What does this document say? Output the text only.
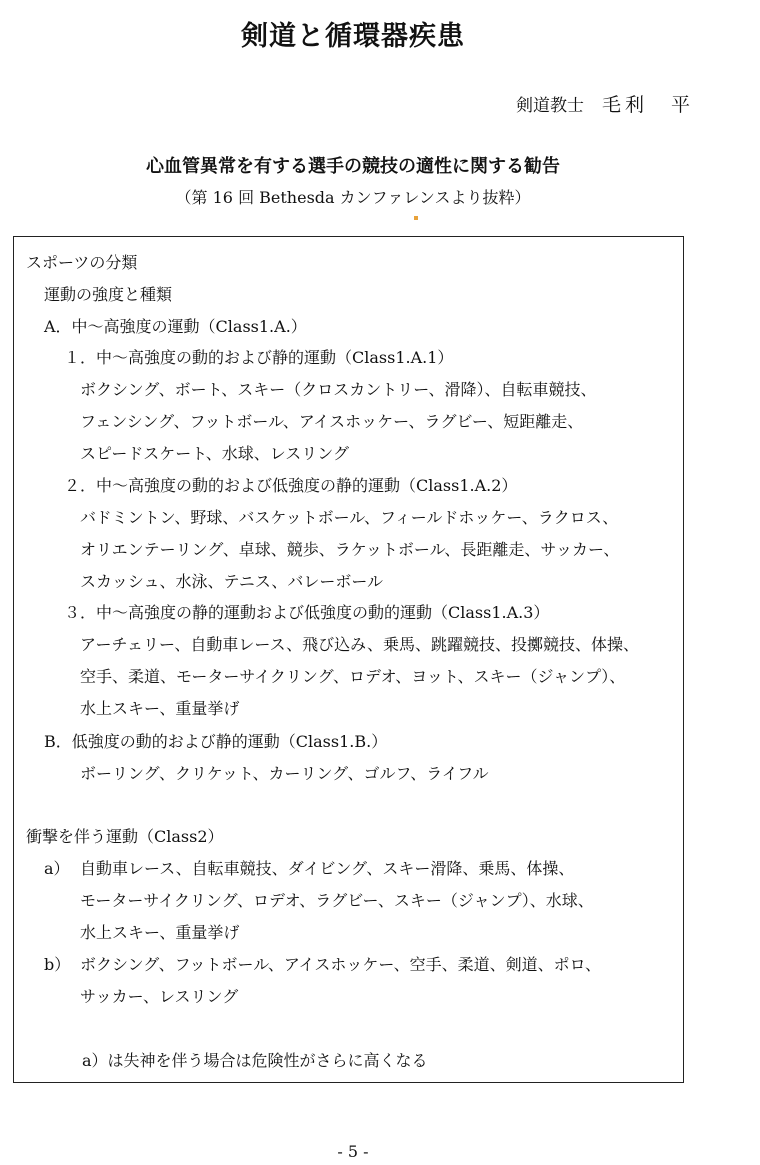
剣道と循環器疾患
剣道教士 毛利　平
心血管異常を有する選手の競技の適性に関する勧告
（第 16 回 Bethesda カンファレンスより抜粋）
スポーツの分類
運動の強度と種類
A．中～高強度の運動（Class1.A.）
１．中～高強度の動的および静的運動（Class1.A.1）
ボクシング、ボート、スキー（クロスカントリー、滑降）、自転車競技、
フェンシング、フットボール、アイスホッケー、ラグビー、短距離走、
スピードスケート、水球、レスリング
２．中～高強度の動的および低強度の静的運動（Class1.A.2）
バドミントン、野球、バスケットボール、フィールドホッケー、ラクロス、
オリエンテーリング、卓球、競歩、ラケットボール、長距離走、サッカー、
スカッシュ、水泳、テニス、バレーボール
３．中～高強度の静的運動および低強度の動的運動（Class1.A.3）
アーチェリー、自動車レース、飛び込み、乗馬、跳躍競技、投擲競技、体操、
空手、柔道、モーターサイクリング、ロデオ、ヨット、スキー（ジャンプ）、
水上スキー、重量挙げ
B．低強度の動的および静的運動（Class1.B.）
ボーリング、クリケット、カーリング、ゴルフ、ライフル
衝撃を伴う運動（Class2）
a） 自動車レース、自転車競技、ダイビング、スキー滑降、乗馬、体操、
モーターサイクリング、ロデオ、ラグビー、スキー（ジャンプ）、水球、
水上スキー、重量挙げ
b） ボクシング、フットボール、アイスホッケー、空手、柔道、剣道、ポロ、
サッカー、レスリング
a）は失神を伴う場合は危険性がさらに高くなる
- 5 -
